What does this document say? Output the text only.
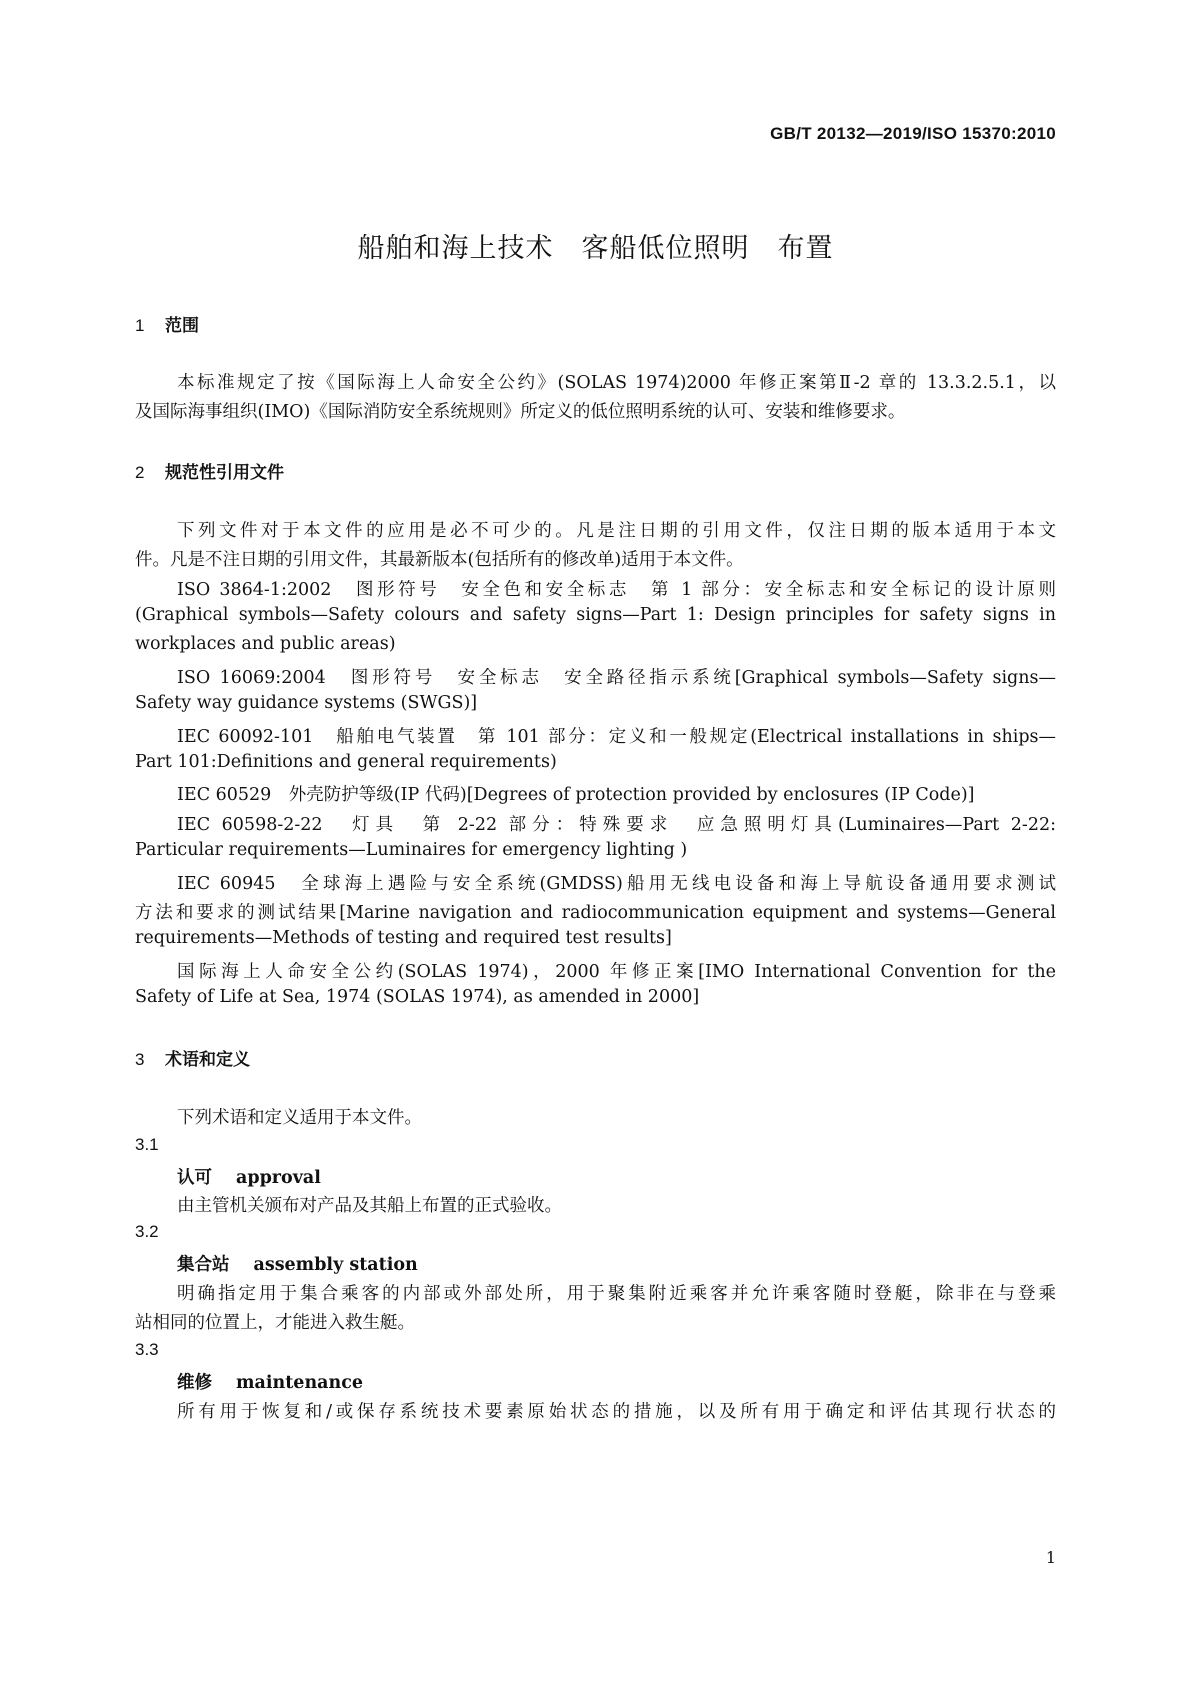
GB/T 20132—2019/ISO 15370:2010
船舶和海上技术 客船低位照明 布置
1 范围

本标准规定了按《国际海上人命安全公约》(SOLAS 1974)2000 年修正案第Ⅱ-2 章的 13.3.2.5.1，以

及国际海事组织(IMO)《国际消防安全系统规则》所定义的低位照明系统的认可、安装和维修要求。

2 规范性引用文件

下列文件对于本文件的应用是必不可少的。凡是注日期的引用文件，仅注日期的版本适用于本文

件。凡是不注日期的引用文件，其最新版本(包括所有的修改单)适用于本文件。

ISO 3864-1:2002　图形符号　安全色和安全标志　第 1 部分：安全标志和安全标记的设计原则

(Graphical symbols—Safety colours and safety signs—Part 1: Design principles for safety signs in

workplaces and public areas)

ISO 16069:2004　图形符号　安全标志　安全路径指示系统[Graphical symbols—Safety signs—

Safety way guidance systems (SWGS)]

IEC 60092-101　船舶电气装置　第 101 部分：定义和一般规定(Electrical installations in ships—

Part 101:Definitions and general requirements)

IEC 60529　外壳防护等级(IP 代码)[Degrees of protection provided by enclosures (IP Code)]

IEC 60598-2-22　灯具　第 2-22 部分：特殊要求　应急照明灯具(Luminaires—Part 2-22:

Particular requirements—Luminaires for emergency lighting )

IEC 60945　全球海上遇险与安全系统(GMDSS)船用无线电设备和海上导航设备通用要求测试

方法和要求的测试结果[Marine navigation and radiocommunication equipment and systems—General

requirements—Methods of testing and required test results]

国际海上人命安全公约(SOLAS 1974)，2000 年修正案[IMO International Convention for the

Safety of Life at Sea, 1974 (SOLAS 1974), as amended in 2000]

3 术语和定义

下列术语和定义适用于本文件。

3.1
认可 approval

由主管机关颁布对产品及其船上布置的正式验收。

3.2
集合站 assembly station

明确指定用于集合乘客的内部或外部处所，用于聚集附近乘客并允许乘客随时登艇，除非在与登乘

站相同的位置上，才能进入救生艇。

3.3
维修 maintenance

所有用于恢复和/或保存系统技术要素原始状态的措施，以及所有用于确定和评估其现行状态的

1
